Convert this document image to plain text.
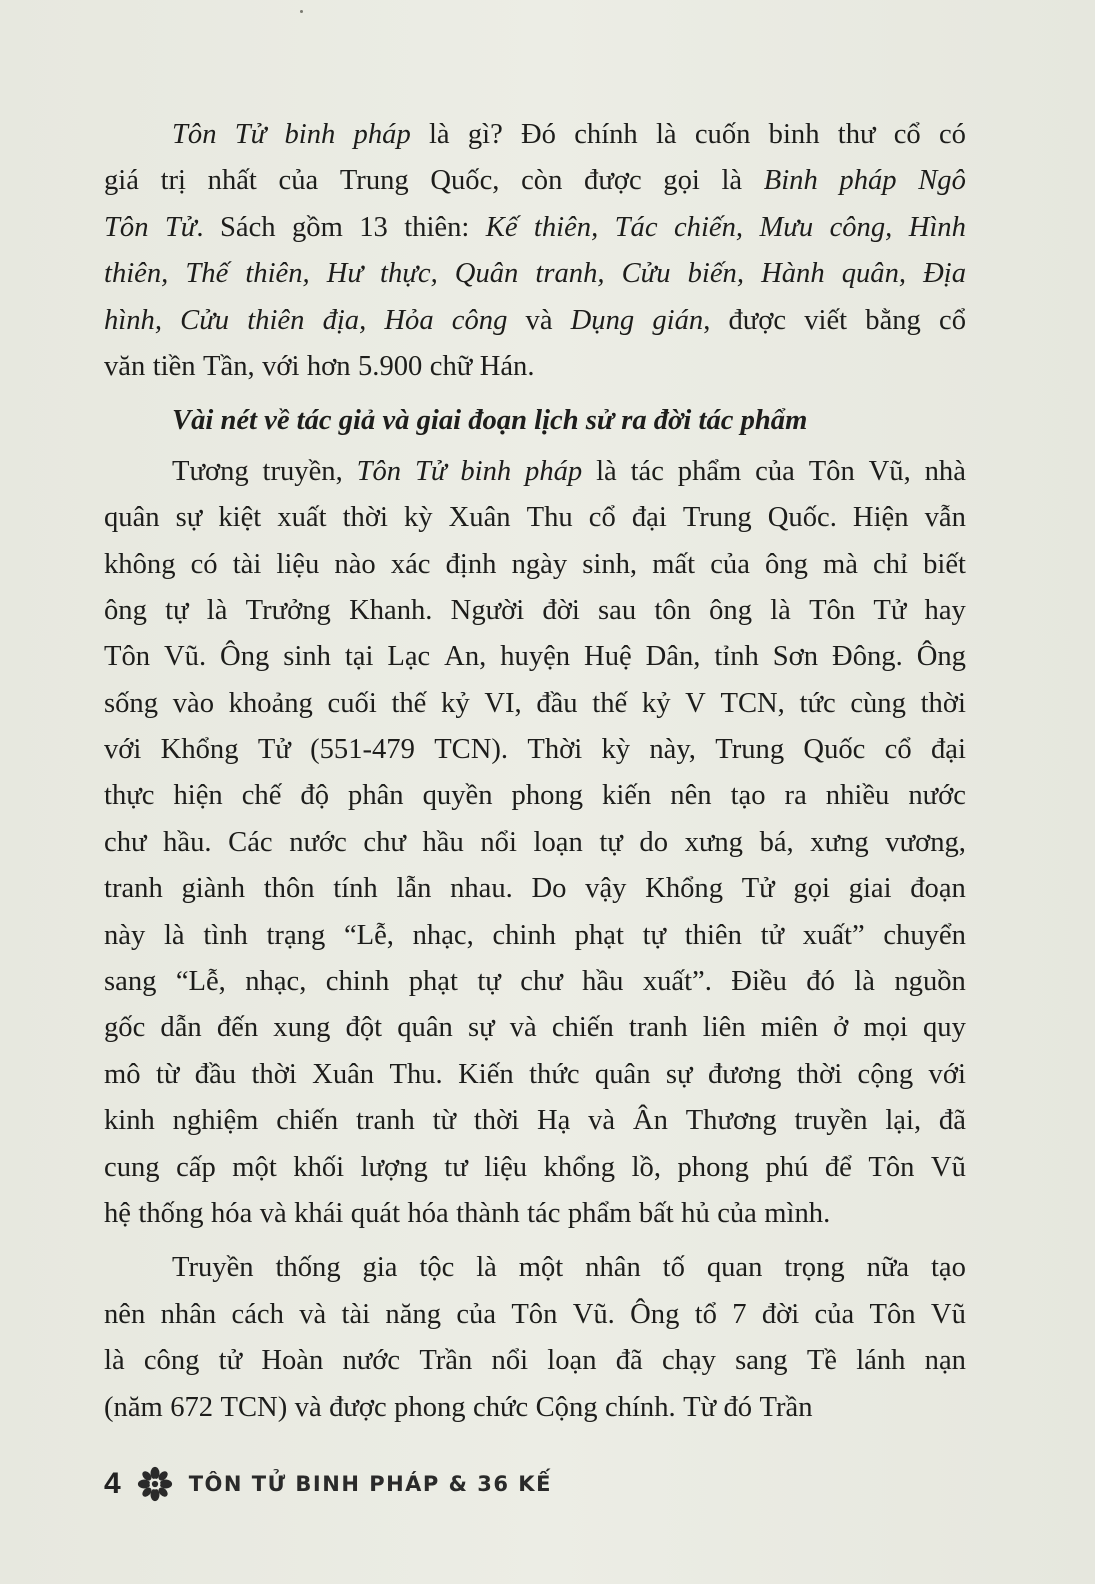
Tôn Tử binh pháp là gì? Đó chính là cuốn binh thư cổ có
giá trị nhất của Trung Quốc, còn được gọi là Binh pháp Ngô
Tôn Tử. Sách gồm 13 thiên: Kế thiên, Tác chiến, Mưu công, Hình
thiên, Thế thiên, Hư thực, Quân tranh, Cửu biến, Hành quân, Địa
hình, Cửu thiên địa, Hỏa công và Dụng gián, được viết bằng cổ
văn tiền Tần, với hơn 5.900 chữ Hán.
Vài nét về tác giả và giai đoạn lịch sử ra đời tác phẩm
Tương truyền, Tôn Tử binh pháp là tác phẩm của Tôn Vũ, nhà
quân sự kiệt xuất thời kỳ Xuân Thu cổ đại Trung Quốc. Hiện vẫn
không có tài liệu nào xác định ngày sinh, mất của ông mà chỉ biết
ông tự là Trưởng Khanh. Người đời sau tôn ông là Tôn Tử hay
Tôn Vũ. Ông sinh tại Lạc An, huyện Huệ Dân, tỉnh Sơn Đông. Ông
sống vào khoảng cuối thế kỷ VI, đầu thế kỷ V TCN, tức cùng thời
với Khổng Tử (551-479 TCN). Thời kỳ này, Trung Quốc cổ đại
thực hiện chế độ phân quyền phong kiến nên tạo ra nhiều nước
chư hầu. Các nước chư hầu nổi loạn tự do xưng bá, xưng vương,
tranh giành thôn tính lẫn nhau. Do vậy Khổng Tử gọi giai đoạn
này là tình trạng “Lễ, nhạc, chinh phạt tự thiên tử xuất” chuyển
sang “Lễ, nhạc, chinh phạt tự chư hầu xuất”. Điều đó là nguồn
gốc dẫn đến xung đột quân sự và chiến tranh liên miên ở mọi quy
mô từ đầu thời Xuân Thu. Kiến thức quân sự đương thời cộng với
kinh nghiệm chiến tranh từ thời Hạ và Ân Thương truyền lại, đã
cung cấp một khối lượng tư liệu khổng lồ, phong phú để Tôn Vũ
hệ thống hóa và khái quát hóa thành tác phẩm bất hủ của mình.
Truyền thống gia tộc là một nhân tố quan trọng nữa tạo
nên nhân cách và tài năng của Tôn Vũ. Ông tổ 7 đời của Tôn Vũ
là công tử Hoàn nước Trần nổi loạn đã chạy sang Tề lánh nạn
(năm 672 TCN) và được phong chức Cộng chính. Từ đó Trần
4	TÔN TỬ BINH PHÁP & 36 KẾ
